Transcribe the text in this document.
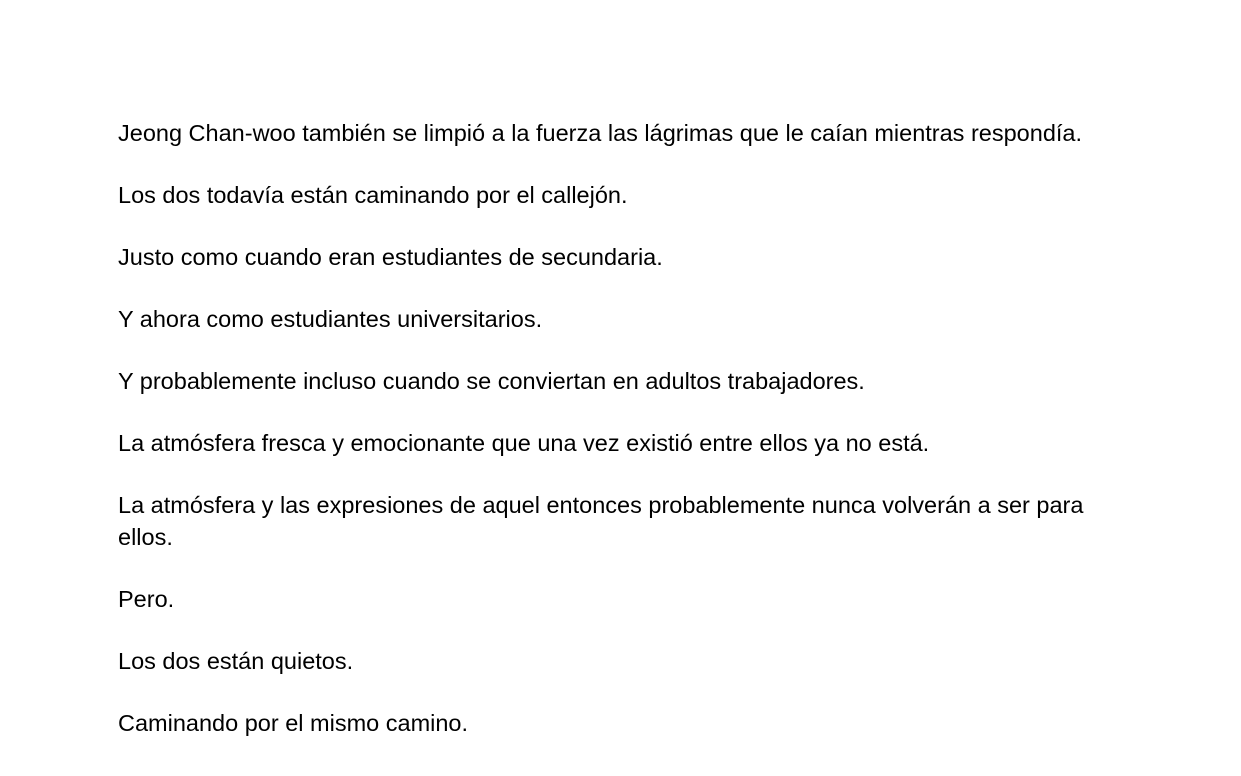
Jeong Chan-woo también se limpió a la fuerza las lágrimas que le caían mientras respondía.

Los dos todavía están caminando por el callejón.

Justo como cuando eran estudiantes de secundaria.

Y ahora como estudiantes universitarios.

Y probablemente incluso cuando se conviertan en adultos trabajadores.

La atmósfera fresca y emocionante que una vez existió entre ellos ya no está.

La atmósfera y las expresiones de aquel entonces probablemente nunca volverán a ser para ellos.

Pero.

Los dos están quietos.

Caminando por el mismo camino.
